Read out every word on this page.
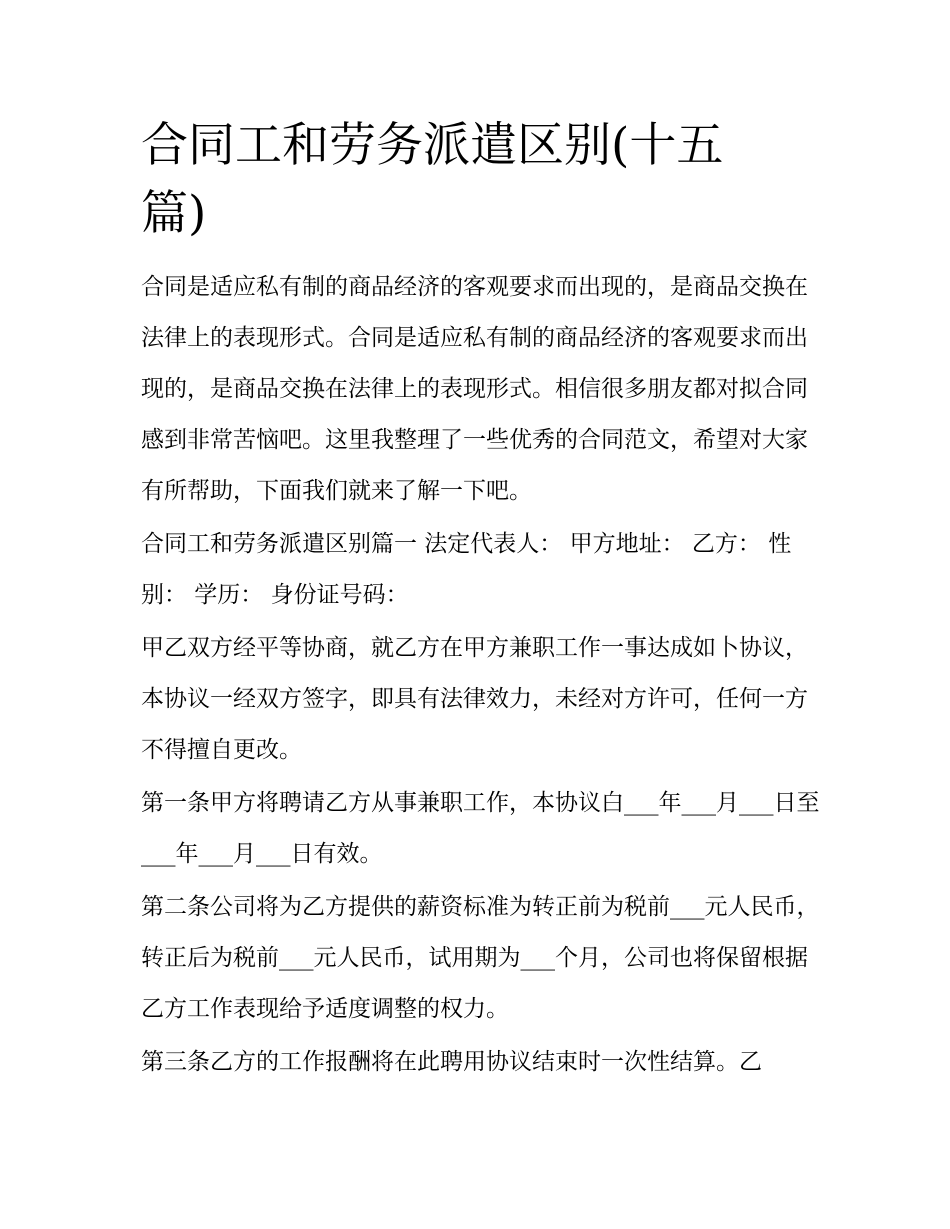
合同工和劳务派遣区别(十五篇)

合同是适应私有制的商品经济的客观要求而出现的，是商品交换在法律上的表现形式。合同是适应私有制的商品经济的客观要求而出现的，是商品交换在法律上的表现形式。相信很多朋友都对拟合同感到非常苦恼吧。这里我整理了一些优秀的合同范文，希望对大家有所帮助，下面我们就来了解一下吧。

合同工和劳务派遣区别篇一 法定代表人： 甲方地址： 乙方： 性别： 学历： 身份证号码：

甲乙双方经平等协商，就乙方在甲方兼职工作一事达成如卜协议，本协议一经双方签字，即具有法律效力，未经对方许可，任何一方不得擅自更改。

第一条甲方将聘请乙方从事兼职工作，本协议白___年___月___日至___年___月___日有效。

第二条公司将为乙方提供的薪资标准为转正前为税前___元人民币，转正后为税前___元人民币，试用期为___个月，公司也将保留根据乙方工作表现给予适度调整的权力。

第三条乙方的工作报酬将在此聘用协议结束时一次性结算。乙
